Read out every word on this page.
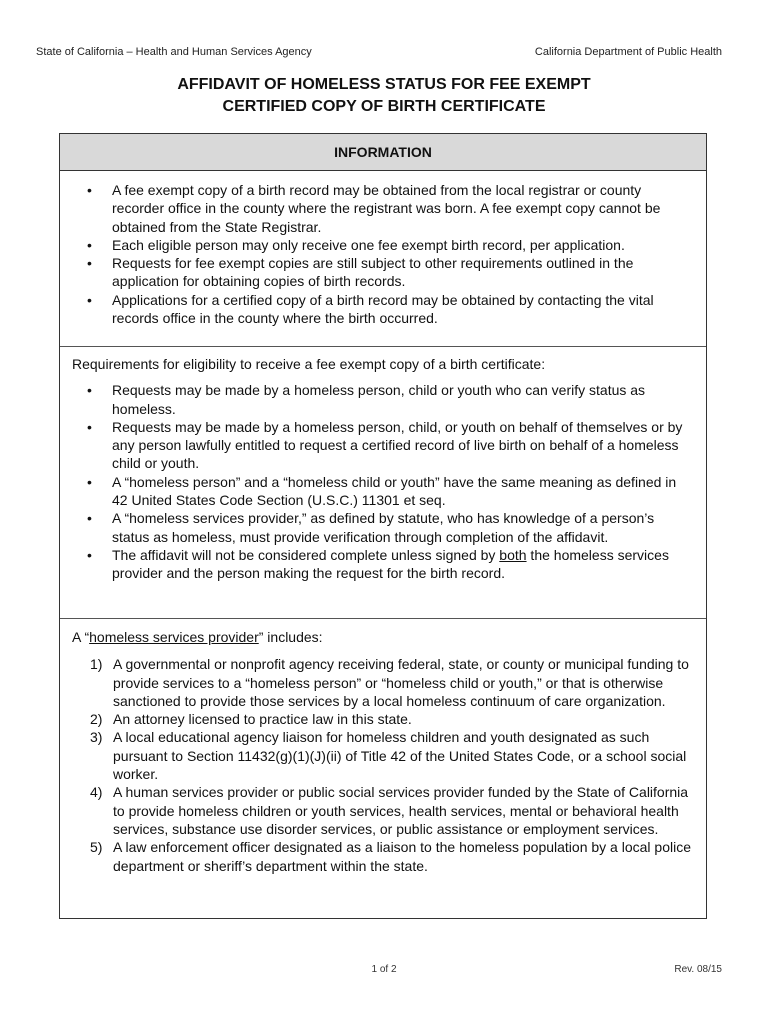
State of California – Health and Human Services Agency	California Department of Public Health
AFFIDAVIT OF HOMELESS STATUS FOR FEE EXEMPT
CERTIFIED COPY OF BIRTH CERTIFICATE
INFORMATION
• A fee exempt copy of a birth record may be obtained from the local registrar or county recorder office in the county where the registrant was born. A fee exempt copy cannot be obtained from the State Registrar.
• Each eligible person may only receive one fee exempt birth record, per application.
• Requests for fee exempt copies are still subject to other requirements outlined in the application for obtaining copies of birth records.
• Applications for a certified copy of a birth record may be obtained by contacting the vital records office in the county where the birth occurred.
Requirements for eligibility to receive a fee exempt copy of a birth certificate:
• Requests may be made by a homeless person, child or youth who can verify status as homeless.
• Requests may be made by a homeless person, child, or youth on behalf of themselves or by any person lawfully entitled to request a certified record of live birth on behalf of a homeless child or youth.
• A “homeless person” and a “homeless child or youth” have the same meaning as defined in 42 United States Code Section (U.S.C.) 11301 et seq.
• A “homeless services provider,” as defined by statute, who has knowledge of a person’s status as homeless, must provide verification through completion of the affidavit.
• The affidavit will not be considered complete unless signed by both the homeless services provider and the person making the request for the birth record.
A “homeless services provider” includes:
1) A governmental or nonprofit agency receiving federal, state, or county or municipal funding to provide services to a “homeless person” or “homeless child or youth,” or that is otherwise sanctioned to provide those services by a local homeless continuum of care organization.
2) An attorney licensed to practice law in this state.
3) A local educational agency liaison for homeless children and youth designated as such pursuant to Section 11432(g)(1)(J)(ii) of Title 42 of the United States Code, or a school social worker.
4) A human services provider or public social services provider funded by the State of California to provide homeless children or youth services, health services, mental or behavioral health services, substance use disorder services, or public assistance or employment services.
5) A law enforcement officer designated as a liaison to the homeless population by a local police department or sheriff’s department within the state.
1 of 2	Rev. 08/15
